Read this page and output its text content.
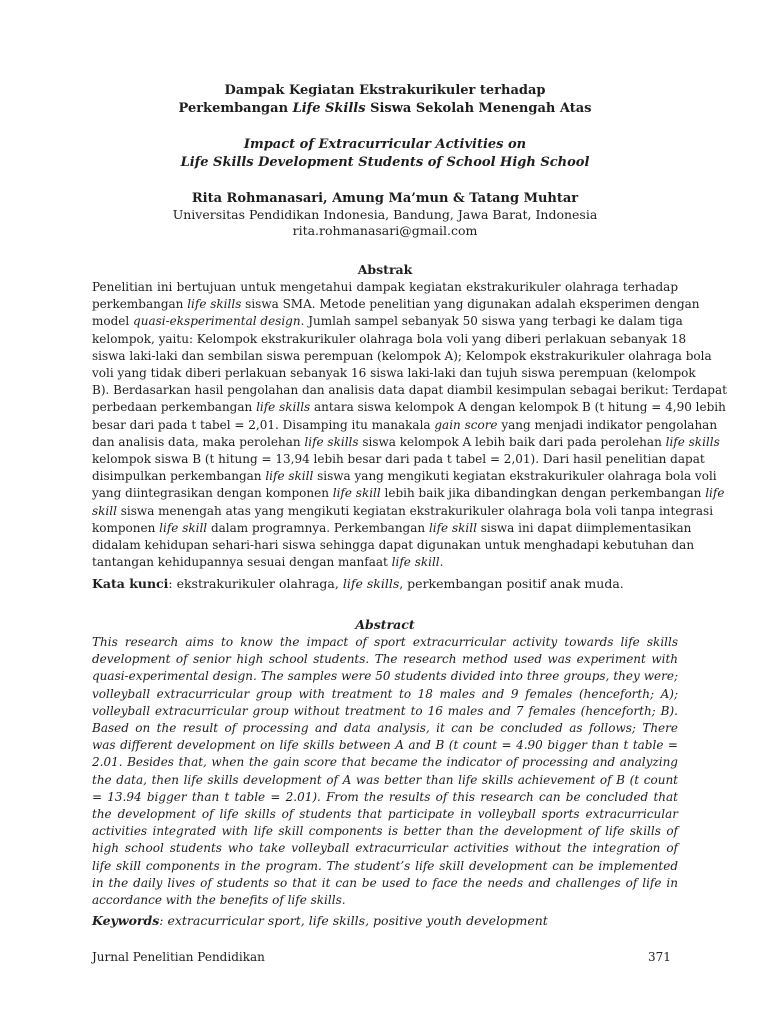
Dampak Kegiatan Ekstrakurikuler terhadap
Perkembangan Life Skills Siswa Sekolah Menengah Atas
Impact of Extracurricular Activities on
Life Skills Development Students of School High School
Rita Rohmanasari, Amung Ma’mun & Tatang Muhtar
Universitas Pendidikan Indonesia, Bandung, Jawa Barat, Indonesia
rita.rohmanasari@gmail.com
Abstrak
Penelitian ini bertujuan untuk mengetahui dampak kegiatan ekstrakurikuler olahraga terhadap
perkembangan life skills siswa SMA. Metode penelitian yang digunakan adalah eksperimen dengan
model quasi-eksperimental design. Jumlah sampel sebanyak 50 siswa yang terbagi ke dalam tiga
kelompok, yaitu: Kelompok ekstrakurikuler olahraga bola voli yang diberi perlakuan sebanyak 18
siswa laki-laki dan sembilan siswa perempuan (kelompok A); Kelompok ekstrakurikuler olahraga bola
voli yang tidak diberi perlakuan sebanyak 16 siswa laki-laki dan tujuh siswa perempuan (kelompok
B). Berdasarkan hasil pengolahan dan analisis data dapat diambil kesimpulan sebagai berikut: Terdapat
perbedaan perkembangan life skills antara siswa kelompok A dengan kelompok B (t hitung = 4,90 lebih
besar dari pada t tabel = 2,01. Disamping itu manakala gain score yang menjadi indikator pengolahan
dan analisis data, maka perolehan life skills siswa kelompok A lebih baik dari pada perolehan life skills
kelompok siswa B (t hitung = 13,94 lebih besar dari pada t tabel = 2,01). Dari hasil penelitian dapat
disimpulkan perkembangan life skill siswa yang mengikuti kegiatan ekstrakurikuler olahraga bola voli
yang diintegrasikan dengan komponen life skill lebih baik jika dibandingkan dengan perkembangan life
skill siswa menengah atas yang mengikuti kegiatan ekstrakurikuler olahraga bola voli tanpa integrasi
komponen life skill dalam programnya. Perkembangan life skill siswa ini dapat diimplementasikan
didalam kehidupan sehari-hari siswa sehingga dapat digunakan untuk menghadapi kebutuhan dan
tantangan kehidupannya sesuai dengan manfaat life skill.
Kata kunci: ekstrakurikuler olahraga, life skills, perkembangan positif anak muda.
Abstract
This research aims to know the impact of sport extracurricular activity towards life skills
development of senior high school students. The research method used was experiment with
quasi-experimental design. The samples were 50 students divided into three groups, they were;
volleyball extracurricular group with treatment to 18 males and 9 females (henceforth; A);
volleyball extracurricular group without treatment to 16 males and 7 females (henceforth; B).
Based on the result of processing and data analysis, it can be concluded as follows; There
was different development on life skills between A and B (t count = 4.90 bigger than t table =
2.01. Besides that, when the gain score that became the indicator of processing and analyzing
the data, then life skills development of A was better than life skills achievement of B (t count
= 13.94 bigger than t table = 2.01). From the results of this research can be concluded that
the development of life skills of students that participate in volleyball sports extracurricular
activities integrated with life skill components is better than the development of life skills of
high school students who take volleyball extracurricular activities without the integration of
life skill components in the program. The student’s life skill development can be implemented
in the daily lives of students so that it can be used to face the needs and challenges of life in
accordance with the benefits of life skills.
Keywords: extracurricular sport, life skills, positive youth development
Jurnal Penelitian Pendidikan	371
